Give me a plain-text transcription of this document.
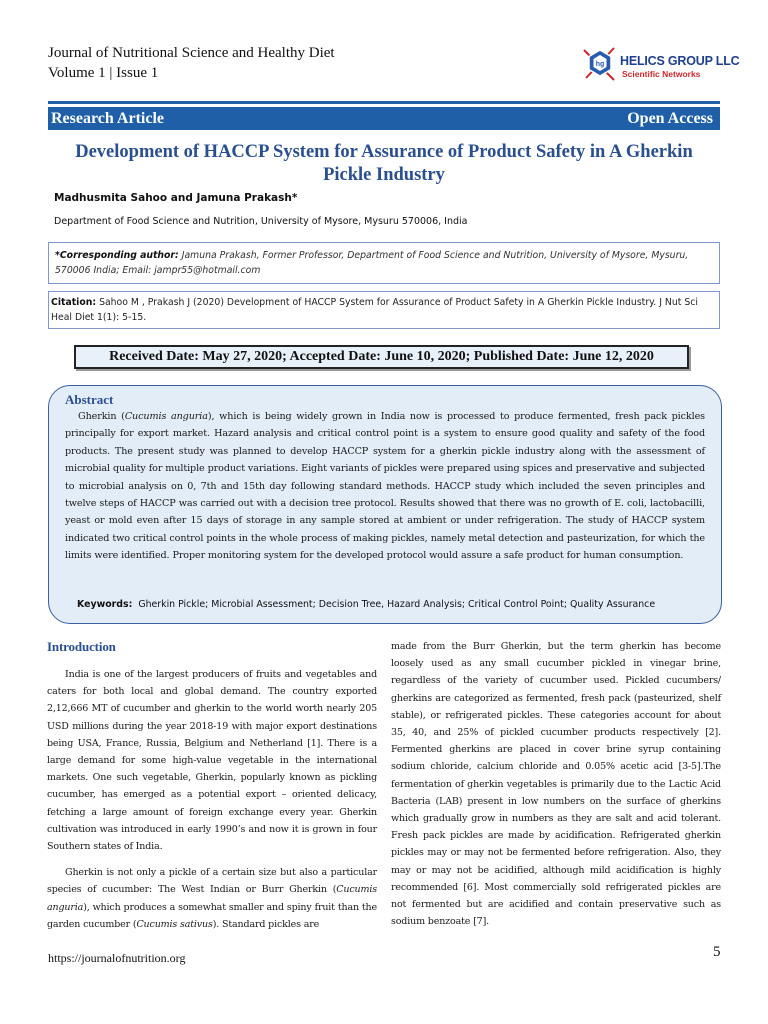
Journal of Nutritional Science and Healthy Diet
Volume 1 | Issue 1
hg HELICS GROUP LLC
Scientific Networks
Research Article	Open Access
Development of HACCP System for Assurance of Product Safety in A Gherkin Pickle Industry
Madhusmita Sahoo and Jamuna Prakash*
Department of Food Science and Nutrition, University of Mysore, Mysuru 570006, India
*Corresponding author: Jamuna Prakash, Former Professor, Department of Food Science and Nutrition, University of Mysore, Mysuru, 570006 India; Email: jampr55@hotmail.com
Citation: Sahoo M , Prakash J (2020) Development of HACCP System for Assurance of Product Safety in A Gherkin Pickle Industry. J Nut Sci Heal Diet 1(1): 5-15.
Received Date: May 27, 2020; Accepted Date: June 10, 2020; Published Date: June 12, 2020
Abstract

Gherkin (Cucumis anguria), which is being widely grown in India now is processed to produce fermented, fresh pack pickles principally for export market. Hazard analysis and critical control point is a system to ensure good quality and safety of the food products. The present study was planned to develop HACCP system for a gherkin pickle industry along with the assessment of microbial quality for multiple product variations. Eight variants of pickles were prepared using spices and preservative and subjected to microbial analysis on 0, 7th and 15th day following standard methods. HACCP study which included the seven principles and twelve steps of HACCP was carried out with a decision tree protocol. Results showed that there was no growth of E. coli, lactobacilli, yeast or mold even after 15 days of storage in any sample stored at ambient or under refrigeration. The study of HACCP system indicated two critical control points in the whole process of making pickles, namely metal detection and pasteurization, for which the limits were identified. Proper monitoring system for the developed protocol would assure a safe product for human consumption.

Keywords: Gherkin Pickle; Microbial Assessment; Decision Tree, Hazard Analysis; Critical Control Point; Quality Assurance
Introduction

India is one of the largest producers of fruits and vegetables and caters for both local and global demand. The country exported 2,12,666 MT of cucumber and gherkin to the world worth nearly 205 USD millions during the year 2018-19 with major export destinations being USA, France, Russia, Belgium and Netherland [1]. There is a large demand for some high-value vegetable in the international markets. One such vegetable, Gherkin, popularly known as pickling cucumber, has emerged as a potential export – oriented delicacy, fetching a large amount of foreign exchange every year. Gherkin cultivation was introduced in early 1990’s and now it is grown in four Southern states of India.

Gherkin is not only a pickle of a certain size but also a particular species of cucumber: The West Indian or Burr Gherkin (Cucumis anguria), which produces a somewhat smaller and spiny fruit than the garden cucumber (Cucumis sativus). Standard pickles are

made from the Burr Gherkin, but the term gherkin has become loosely used as any small cucumber pickled in vinegar brine, regardless of the variety of cucumber used. Pickled cucumbers/ gherkins are categorized as fermented, fresh pack (pasteurized, shelf stable), or refrigerated pickles. These categories account for about 35, 40, and 25% of pickled cucumber products respectively [2]. Fermented gherkins are placed in cover brine syrup containing sodium chloride, calcium chloride and 0.05% acetic acid [3-5].The fermentation of gherkin vegetables is primarily due to the Lactic Acid Bacteria (LAB) present in low numbers on the surface of gherkins which gradually grow in numbers as they are salt and acid tolerant. Fresh pack pickles are made by acidification. Refrigerated gherkin pickles may or may not be fermented before refrigeration. Also, they may or may not be acidified, although mild acidification is highly recommended [6]. Most commercially sold refrigerated pickles are not fermented but are acidified and contain preservative such as sodium benzoate [7].

https://journalofnutrition.org	5
